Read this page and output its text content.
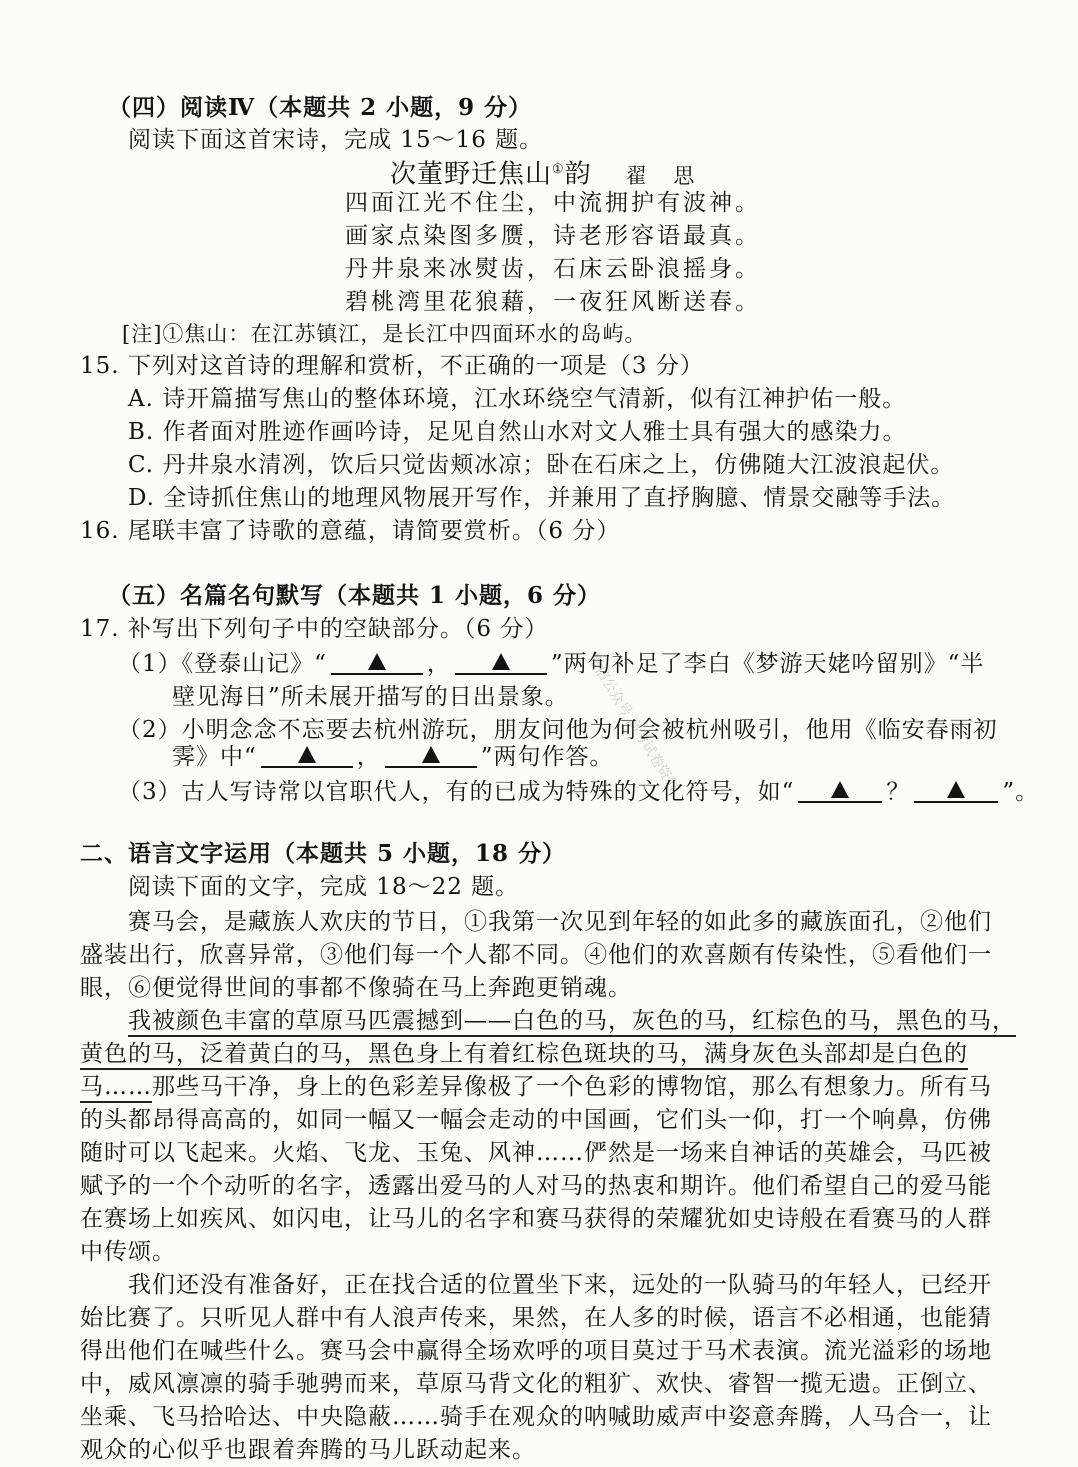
（四）阅读Ⅳ（本题共 2 小题，9 分）
阅读下面这首宋诗，完成 15～16 题。
次董野迁焦山①韵 翟 思
四面江光不住尘，中流拥护有波神。
画家点染图多赝，诗老形容语最真。
丹井泉来冰熨齿，石床云卧浪摇身。
碧桃湾里花狼藉，一夜狂风断送春。
[注]①焦山：在江苏镇江，是长江中四面环水的岛屿。
15. 下列对这首诗的理解和赏析，不正确的一项是（3 分）
A. 诗开篇描写焦山的整体环境，江水环绕空气清新，似有江神护佑一般。
B. 作者面对胜迹作画吟诗，足见自然山水对文人雅士具有强大的感染力。
C. 丹井泉水清冽，饮后只觉齿颊冰凉；卧在石床之上，仿佛随大江波浪起伏。
D. 全诗抓住焦山的地理风物展开写作，并兼用了直抒胸臆、情景交融等手法。
16. 尾联丰富了诗歌的意蕴，请简要赏析。（6 分）
（五）名篇名句默写（本题共 1 小题，6 分）
17. 补写出下列句子中的空缺部分。（6 分）
（1）《登泰山记》“	，	”两句补足了李白《梦游天姥吟留别》“半
壁见海日”所未展开描写的日出景象。
（2）小明念念不忘要去杭州游玩，朋友问他为何会被杭州吸引，他用《临安春雨初
霁》中“	，	”两句作答。
（3）古人写诗常以官职代人，有的已成为特殊的文化符号，如“	？	”。
二、语言文字运用（本题共 5 小题，18 分）
阅读下面的文字，完成 18～22 题。
赛马会，是藏族人欢庆的节日，①我第一次见到年轻的如此多的藏族面孔，②他们
盛装出行，欣喜异常，③他们每一个人都不同。④他们的欢喜颇有传染性，⑤看他们一
眼，⑥便觉得世间的事都不像骑在马上奔跑更销魂。
我被颜色丰富的草原马匹震撼到——白色的马，灰色的马，红棕色的马，黑色的马，
黄色的马，泛着黄白的马，黑色身上有着红棕色斑块的马，满身灰色头部却是白色的
马……那些马干净，身上的色彩差异像极了一个色彩的博物馆，那么有想象力。所有马
的头都昂得高高的，如同一幅又一幅会走动的中国画，它们头一仰，打一个响鼻，仿佛
随时可以飞起来。火焰、飞龙、玉兔、风神……俨然是一场来自神话的英雄会，马匹被
赋予的一个个动听的名字，透露出爱马的人对马的热衷和期许。他们希望自己的爱马能
在赛场上如疾风、如闪电，让马儿的名字和赛马获得的荣耀犹如史诗般在看赛马的人群
中传颂。
我们还没有准备好，正在找合适的位置坐下来，远处的一队骑马的年轻人，已经开
始比赛了。只听见人群中有人浪声传来，果然，在人多的时候，语言不必相通，也能猜
得出他们在喊些什么。赛马会中赢得全场欢呼的项目莫过于马术表演。流光溢彩的场地
中，威风凛凛的骑手驰骋而来，草原马背文化的粗犷、欢快、睿智一揽无遗。正倒立、
坐乘、飞马拾哈达、中央隐蔽……骑手在观众的呐喊助威声中姿意奔腾，人马合一，让
观众的心似乎也跟着奔腾的马儿跃动起来。
微信公众号 高考试卷资料
